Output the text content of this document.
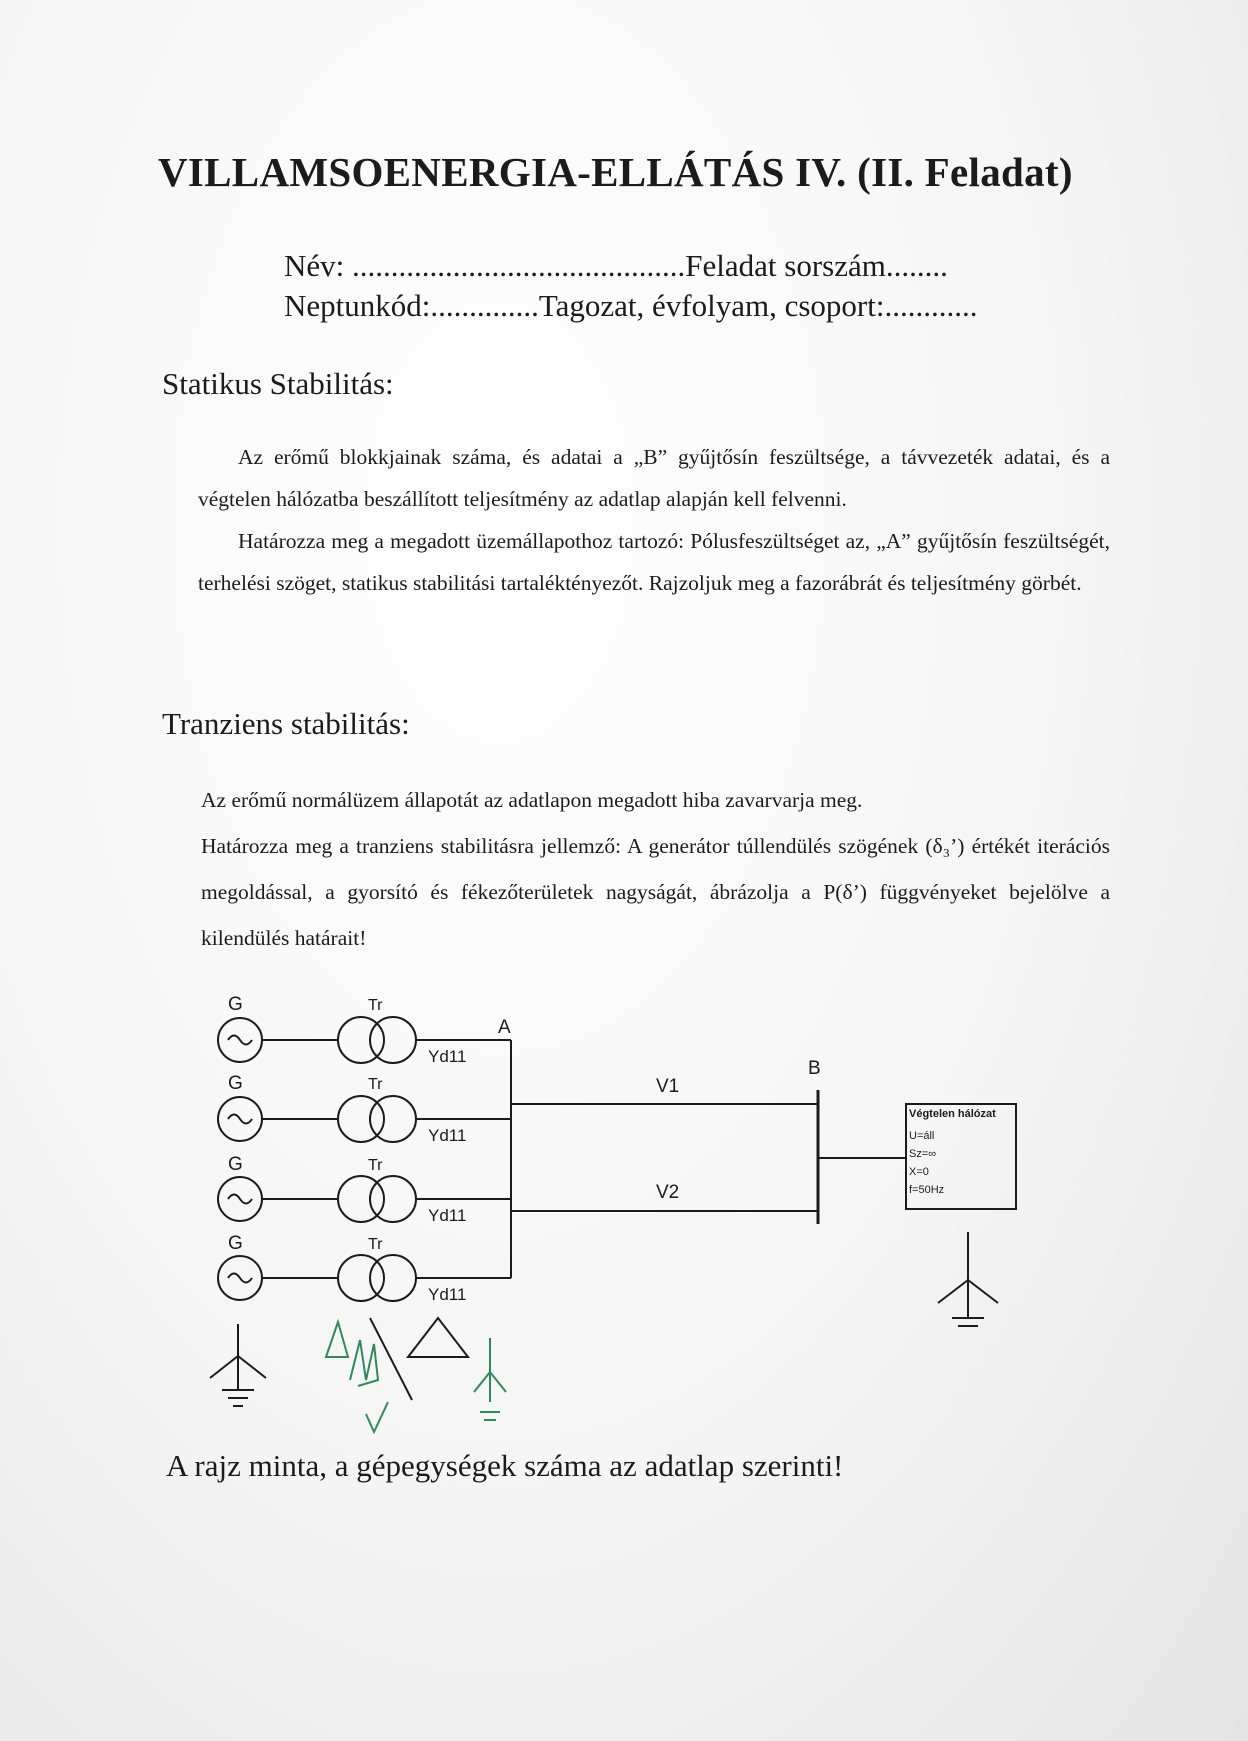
VILLAMSOENERGIA-ELLÁTÁS IV. (II. Feladat)
Név: ...........................................Feladat sorszám........
Neptunkód:..............Tagozat, évfolyam, csoport:............
Statikus Stabilitás:

Az erőmű blokkjainak száma, és adatai a „B” gyűjtősín feszültsége, a távvezeték adatai, és a végtelen hálózatba beszállított teljesítmény az adatlap alapján kell felvenni.

Határozza meg a megadott üzemállapothoz tartozó: Pólusfeszültséget az, „A” gyűjtősín feszültségét, terhelési szöget, statikus stabilitási tartaléktényezőt. Rajzoljuk meg a fazorábrát és teljesítmény görbét.

Tranziens stabilitás:

Az erőmű normálüzem állapotát az adatlapon megadott hiba zavarvarja meg.

Határozza meg a tranziens stabilitásra jellemző: A generátor túllendülés szögének (δ₃’) értékét iterációs megoldással, a gyorsító és fékezőterületek nagyságát, ábrázolja a P(δ’) függvényeket bejelölve a kilendülés határait!

G
G
G
G
Tr
Tr
Tr
Tr
Yd11
Yd11
Yd11
Yd11
A
B
V1
V2
Végtelen hálózat
U=áll
Sz=∞
X=0
f=50Hz
A rajz minta, a gépegységek száma az adatlap szerinti!
